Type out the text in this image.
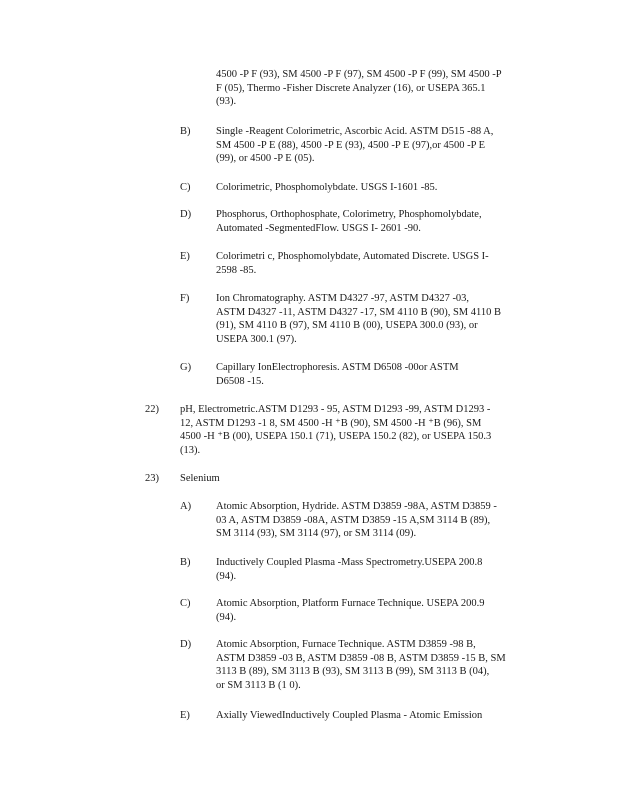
4500 -P F (93), SM 4500 -P F (97), SM 4500 -P F (99), SM 4500 -P
F (05), Thermo -Fisher Discrete Analyzer (16), or USEPA 365.1
(93).

B) Single -Reagent Colorimetric, Ascorbic Acid. ASTM D515 -88 A,
SM 4500 -P E (88), 4500 -P E (93), 4500 -P E (97),or 4500 -P E
(99), or 4500 -P E (05).

C) Colorimetric, Phosphomolybdate. USGS I-1601 -85.

D) Phosphorus, Orthophosphate, Colorimetry, Phosphomolybdate,
Automated -SegmentedFlow. USGS I- 2601 -90.

E) Colorimetri c, Phosphomolybdate, Automated Discrete. USGS I-
2598 -85.

F)	Ion Chromatography. ASTM D4327 -97, ASTM D4327 -03,
ASTM D4327 -11, ASTM D4327 -17, SM 4110 B (90), SM 4110 B
(91), SM 4110 B (97), SM 4110 B (00), USEPA 300.0 (93), or
USEPA 300.1 (97).

G) Capillary IonElectrophoresis. ASTM D6508 -00or ASTM
D6508 -15.

22) pH, Electrometric.ASTM D1293 - 95, ASTM D1293 -99, ASTM D1293 -
12, ASTM D1293 -1 8, SM 4500 -H ⁺B (90), SM 4500 -H ⁺B (96), SM
4500 -H ⁺B (00), USEPA 150.1 (71), USEPA 150.2 (82), or USEPA 150.3
(13).

23) Selenium

A) Atomic Absorption, Hydride. ASTM D3859 -98A, ASTM D3859 -
03 A, ASTM D3859 -08A, ASTM D3859 -15 A,SM 3114 B (89),
SM 3114 (93), SM 3114 (97), or SM 3114 (09).

B) Inductively Coupled Plasma -Mass Spectrometry.USEPA 200.8
(94).

C) Atomic Absorption, Platform Furnace Technique. USEPA 200.9
(94).

D) Atomic Absorption, Furnace Technique. ASTM D3859 -98 B,
ASTM D3859 -03 B, ASTM D3859 -08 B, ASTM D3859 -15 B, SM
3113 B (89), SM 3113 B (93), SM 3113 B (99), SM 3113 B (04),
or SM 3113 B (1 0).

E) Axially ViewedInductively Coupled Plasma - Atomic Emission
